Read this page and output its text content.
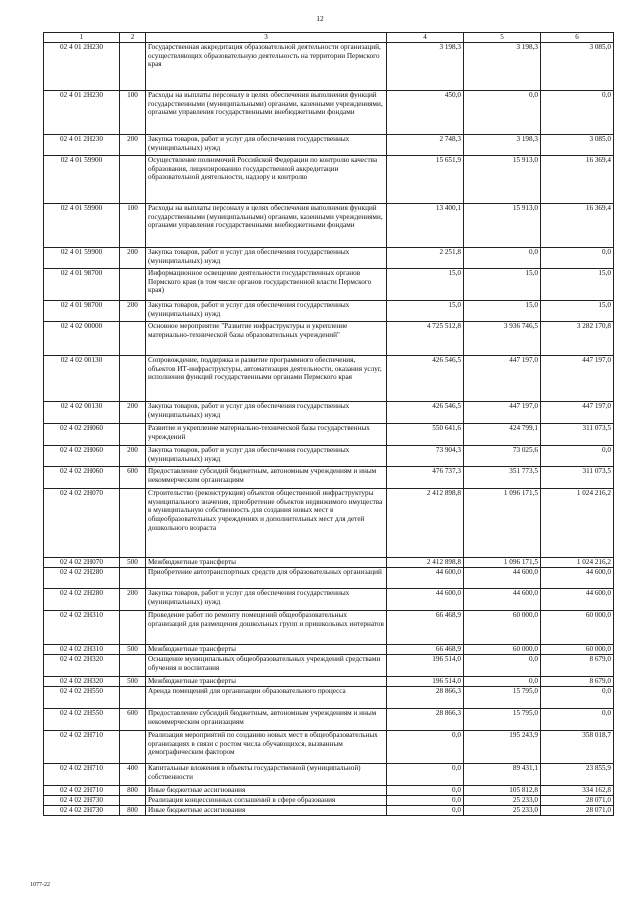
12
1	2	3	4	5	6
02 4 01 2Н230		Государственная аккредитация образовательной деятельности организаций, осуществляющих образовательную деятельность на территории Пермского края	3 198,3	3 198,3	3 085,0
02 4 01 2Н230	100	Расходы на выплаты персоналу в целях обеспечения выполнения функций государственными (муниципальными) органами, казенными учреждениями, органами управления государственными внебюджетными фондами	450,0	0,0	0,0
02 4 01 2Н230	200	Закупка товаров, работ и услуг для обеспечения государственных (муниципальных) нужд	2 748,3	3 198,3	3 085,0
02 4 01 59900		Осуществление полномочий Российской Федерации по контролю качества образования, лицензированию государственной аккредитации образовательной деятельности, надзору и контролю	15 651,9	15 913,0	16 369,4
02 4 01 59900	100	Расходы на выплаты персоналу в целях обеспечения выполнения функций государственными (муниципальными) органами, казенными учреждениями, органами управления государственными внебюджетными фондами	13 400,1	15 913,0	16 369,4
02 4 01 59900	200	Закупка товаров, работ и услуг для обеспечения государственных (муниципальных) нужд	2 251,8	0,0	0,0
02 4 01 98700		Информационное освещение деятельности государственных органов Пермского края (в том числе органов государственной власти Пермского края)	15,0	15,0	15,0
02 4 01 98700	200	Закупка товаров, работ и услуг для обеспечения государственных (муниципальных) нужд	15,0	15,0	15,0
02 4 02 00000		Основное мероприятие "Развитие инфраструктуры и укрепление материально-технической базы образовательных учреждений"	4 725 512,8	3 936 746,5	3 282 170,8
02 4 02 00130		Сопровождение, поддержка и развитие программного обеспечения, объектов ИТ-инфраструктуры, автоматизация деятельности, оказания услуг, исполнения функций государственными органами Пермского края	426 546,5	447 197,0	447 197,0
02 4 02 00130	200	Закупка товаров, работ и услуг для обеспечения государственных (муниципальных) нужд	426 546,5	447 197,0	447 197,0
02 4 02 2Н060		Развитие и укрепление материально-технической базы государственных учреждений	550 641,6	424 799,1	311 073,5
02 4 02 2Н060	200	Закупка товаров, работ и услуг для обеспечения государственных (муниципальных) нужд	73 904,3	73 025,6	0,0
02 4 02 2Н060	600	Предоставление субсидий бюджетным, автономным учреждениям и иным некоммерческим организациям	476 737,3	351 773,5	311 073,5
02 4 02 2Н070		Строительство (реконструкция) объектов общественной инфраструктуры муниципального значения, приобретение объектов недвижимого имущества в муниципальную собственность для создания новых мест в общеобразовательных учреждениях и дополнительных мест для детей дошкольного возраста	2 412 898,8	1 096 171,5	1 024 216,2
02 4 02 2Н070	500	Межбюджетные трансферты	2 412 898,8	1 096 171,5	1 024 216,2
02 4 02 2Н280		Приобретение автотранспортных средств для образовательных организаций	44 600,0	44 600,0	44 600,0
02 4 02 2Н280	200	Закупка товаров, работ и услуг для обеспечения государственных (муниципальных) нужд	44 600,0	44 600,0	44 600,0
02 4 02 2Н310		Проведение работ по ремонту помещений общеобразовательных организаций для размещения дошкольных групп и пришкольных интернатов	66 468,9	60 000,0	60 000,0
02 4 02 2Н310	500	Межбюджетные трансферты	66 468,9	60 000,0	60 000,0
02 4 02 2Н320		Оснащение муниципальных общеобразовательных учреждений средствами обучения и воспитания	196 514,0	0,0	8 679,0
02 4 02 2Н320	500	Межбюджетные трансферты	196 514,0	0,0	8 679,0
02 4 02 2Н550		Аренда помещений для организации образовательного процесса	28 866,3	15 795,0	0,0
02 4 02 2Н550	600	Предоставление субсидий бюджетным, автономным учреждениям и иным некоммерческим организациям	28 866,3	15 795,0	0,0
02 4 02 2Н710		Реализация мероприятий по созданию новых мест в общеобразовательных организациях в связи с ростом числа обучающихся, вызванным демографическим фактором	0,0	195 243,9	358 018,7
02 4 02 2Н710	400	Капитальные вложения в объекты государственной (муниципальной) собственности	0,0	89 431,1	23 855,9
02 4 02 2Н710	800	Иные бюджетные ассигнования	0,0	105 812,8	334 162,8
02 4 02 2Н730		Реализация концессионных соглашений в сфере образования	0,0	25 233,0	28 071,0
02 4 02 2Н730	800	Иные бюджетные ассигнования	0,0	25 233,0	28 071,0
1077-22
